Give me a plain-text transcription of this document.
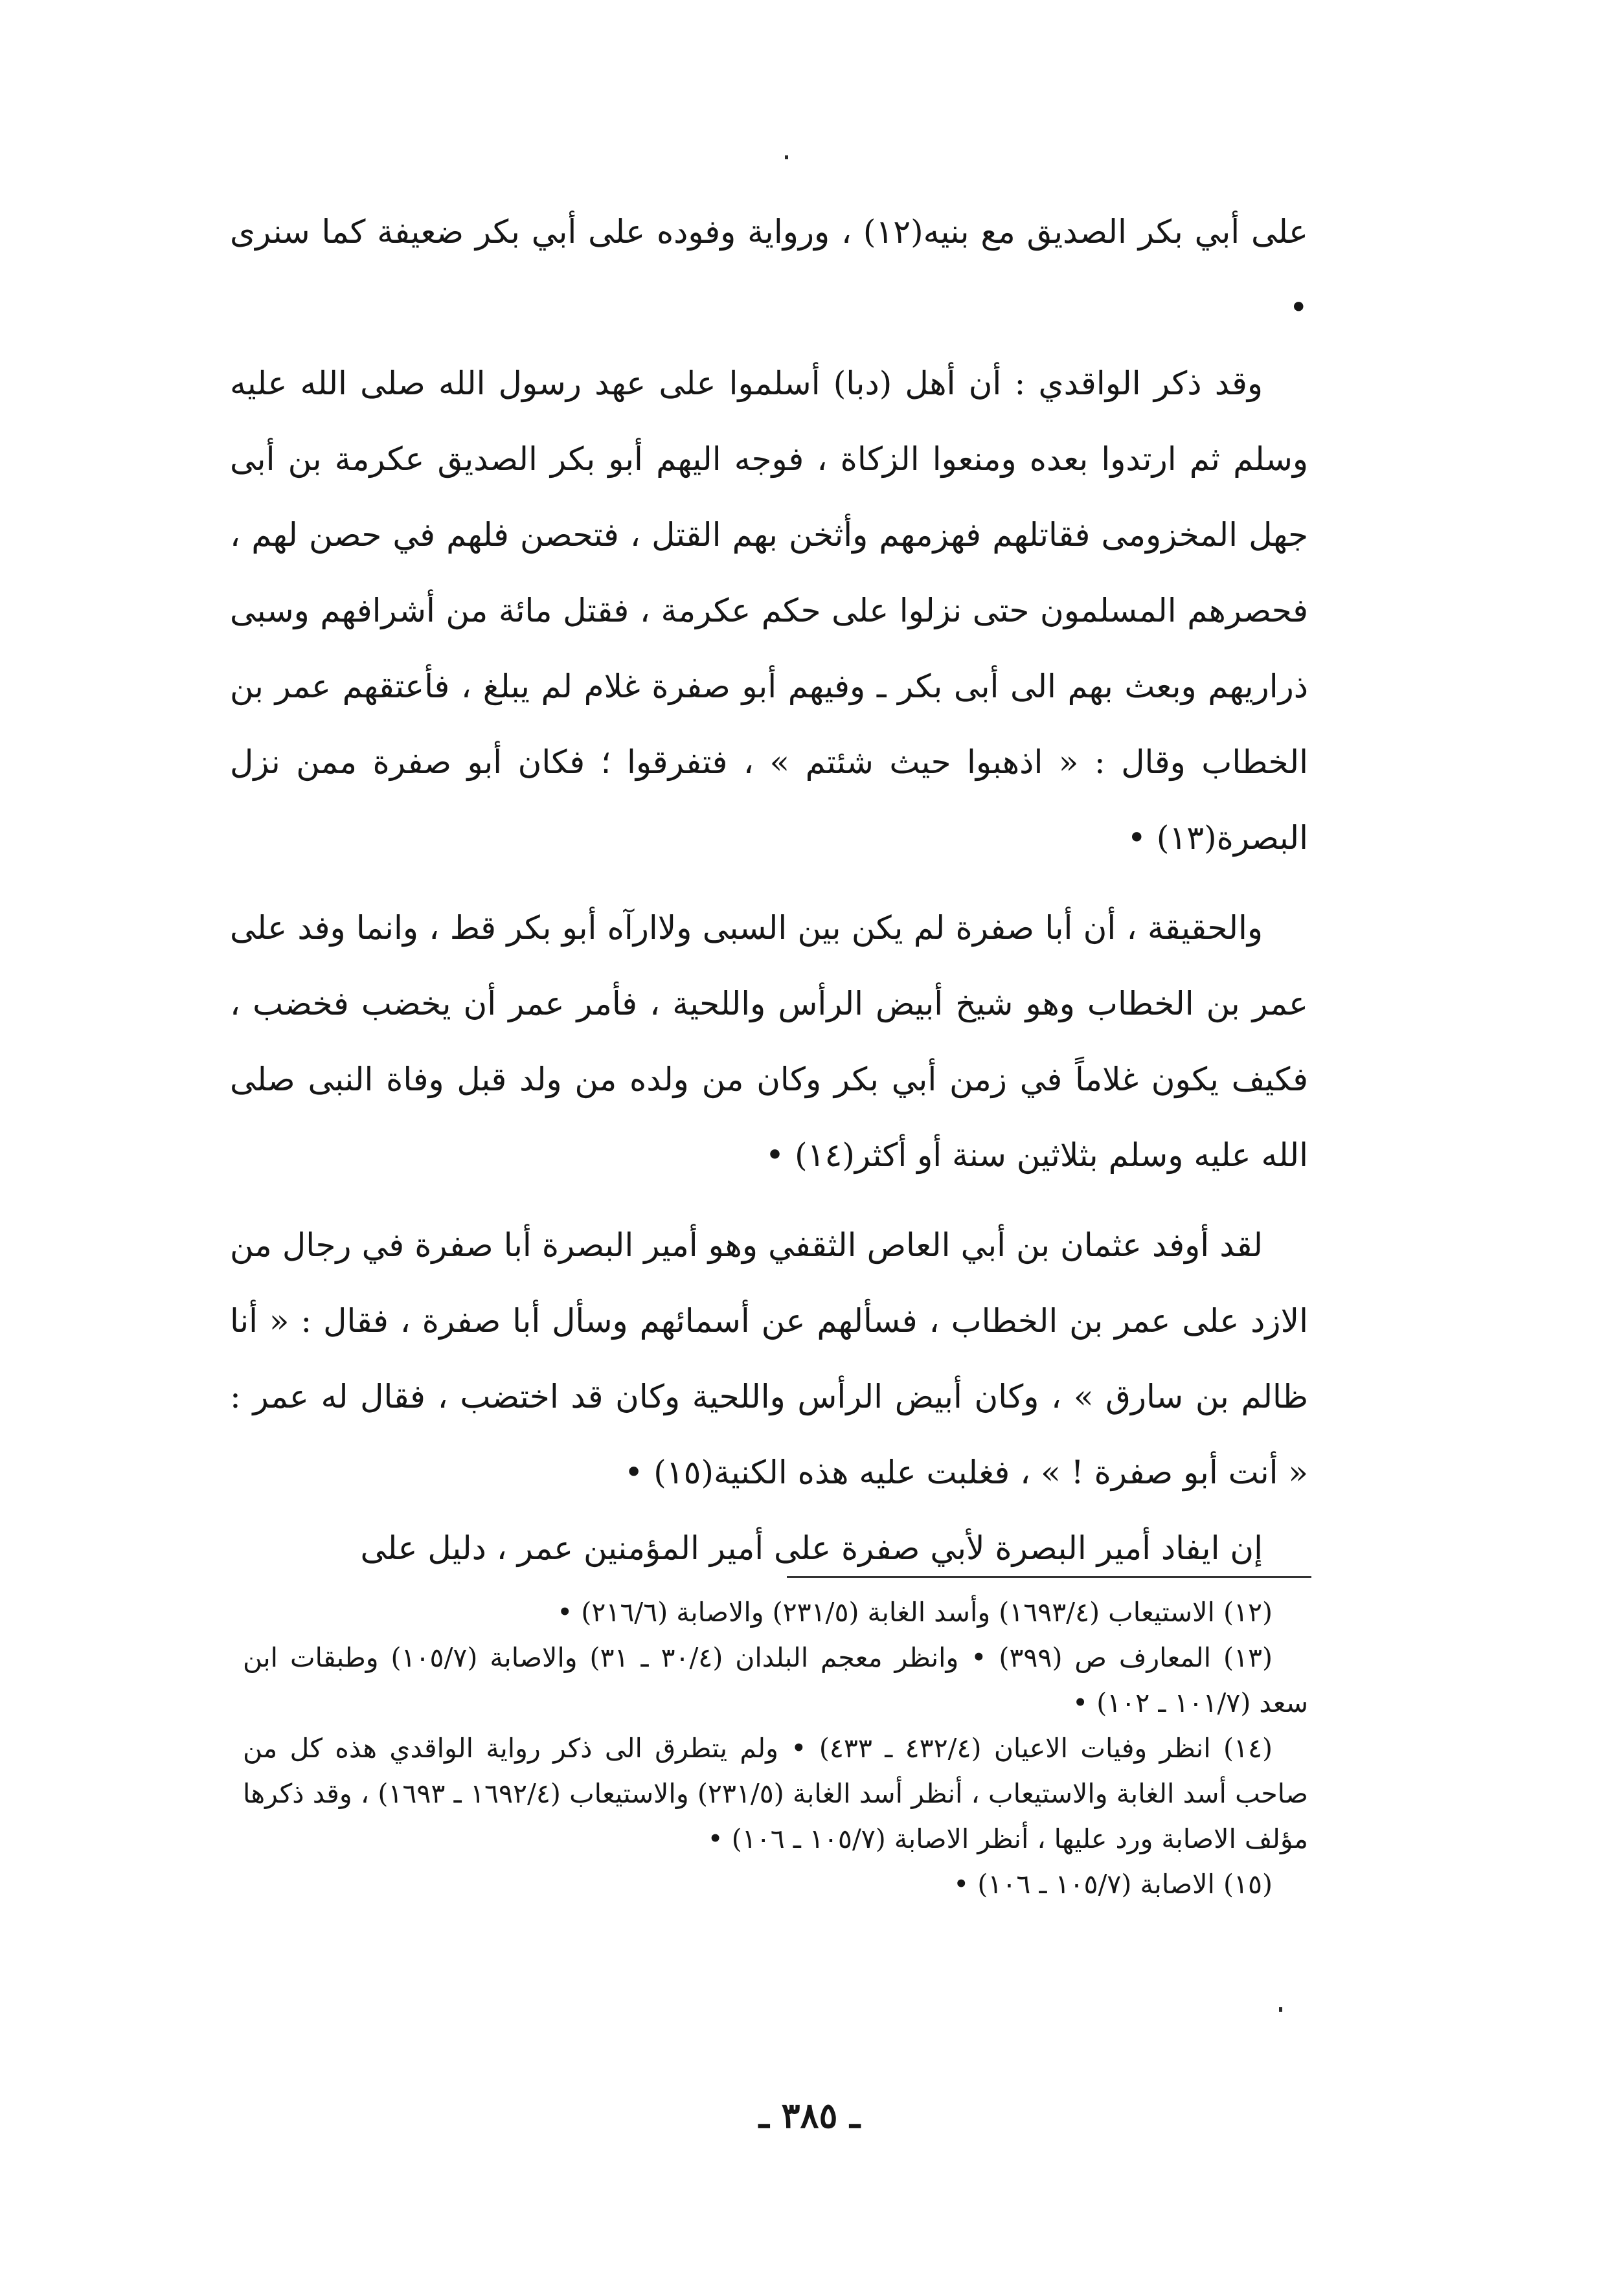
على أبي بكر الصديق مع بنيه(١٢) ، ورواية وفوده على أبي بكر ضعيفة كما سنرى •

وقد ذكر الواقدي : أن أهل (دبا) أسلموا على عهد رسول الله صلى الله عليه وسلم ثم ارتدوا بعده ومنعوا الزكاة ، فوجه اليهم أبو بكر الصديق عكرمة بن أبى جهل المخزومى فقاتلهم فهزمهم وأثخن بهم القتل ، فتحصن فلهم في حصن لهم ، فحصرهم المسلمون حتى نزلوا على حكم عكرمة ، فقتل مائة من أشرافهم وسبى ذراريهم وبعث بهم الى أبى بكر ـ وفيهم أبو صفرة غلام لم يبلغ ، فأعتقهم عمر بن الخطاب وقال : « اذهبوا حيث شئتم » ، فتفرقوا ؛ فكان أبو صفرة ممن نزل البصرة(١٣) •

والحقيقة ، أن أبا صفرة لم يكن بين السبى ولاارآه أبو بكر قط ، وانما وفد على عمر بن الخطاب وهو شيخ أبيض الرأس واللحية ، فأمر عمر أن يخضب فخضب ، فكيف يكون غلاماً في زمن أبي بكر وكان من ولده من ولد قبل وفاة النبى صلى الله عليه وسلم بثلاثين سنة أو أكثر(١٤) •

لقد أوفد عثمان بن أبي العاص الثقفي وهو أمير البصرة أبا صفرة في رجال من الازد على عمر بن الخطاب ، فسألهم عن أسمائهم وسأل أبا صفرة ، فقال : « أنا ظالم بن سارق » ، وكان أبيض الرأس واللحية وكان قد اختضب ، فقال له عمر : « أنت أبو صفرة ! » ، فغلبت عليه هذه الكنية(١٥) •

إن ايفاد أمير البصرة لأبي صفرة على أمير المؤمنين عمر ، دليل على

(١٢) الاستيعاب (١٦٩٣/٤) وأسد الغابة (٢٣١/٥) والاصابة (٢١٦/٦) •

(١٣) المعارف ص (٣٩٩) • وانظر معجم البلدان (٣٠/٤ ـ ٣١) والاصابة (١٠٥/٧) وطبقات ابن سعد (١٠١/٧ ـ ١٠٢) •

(١٤) انظر وفيات الاعيان (٤٣٢/٤ ـ ٤٣٣) • ولم يتطرق الى ذكر رواية الواقدي هذه كل من صاحب أسد الغابة والاستيعاب ، أنظر أسد الغابة (٢٣١/٥) والاستيعاب (١٦٩٢/٤ ـ ١٦٩٣) ، وقد ذكرها مؤلف الاصابة ورد عليها ، أنظر الاصابة (١٠٥/٧ ـ ١٠٦) •

(١٥) الاصابة (١٠٥/٧ ـ ١٠٦) •

ـ ٣٨٥ ـ
